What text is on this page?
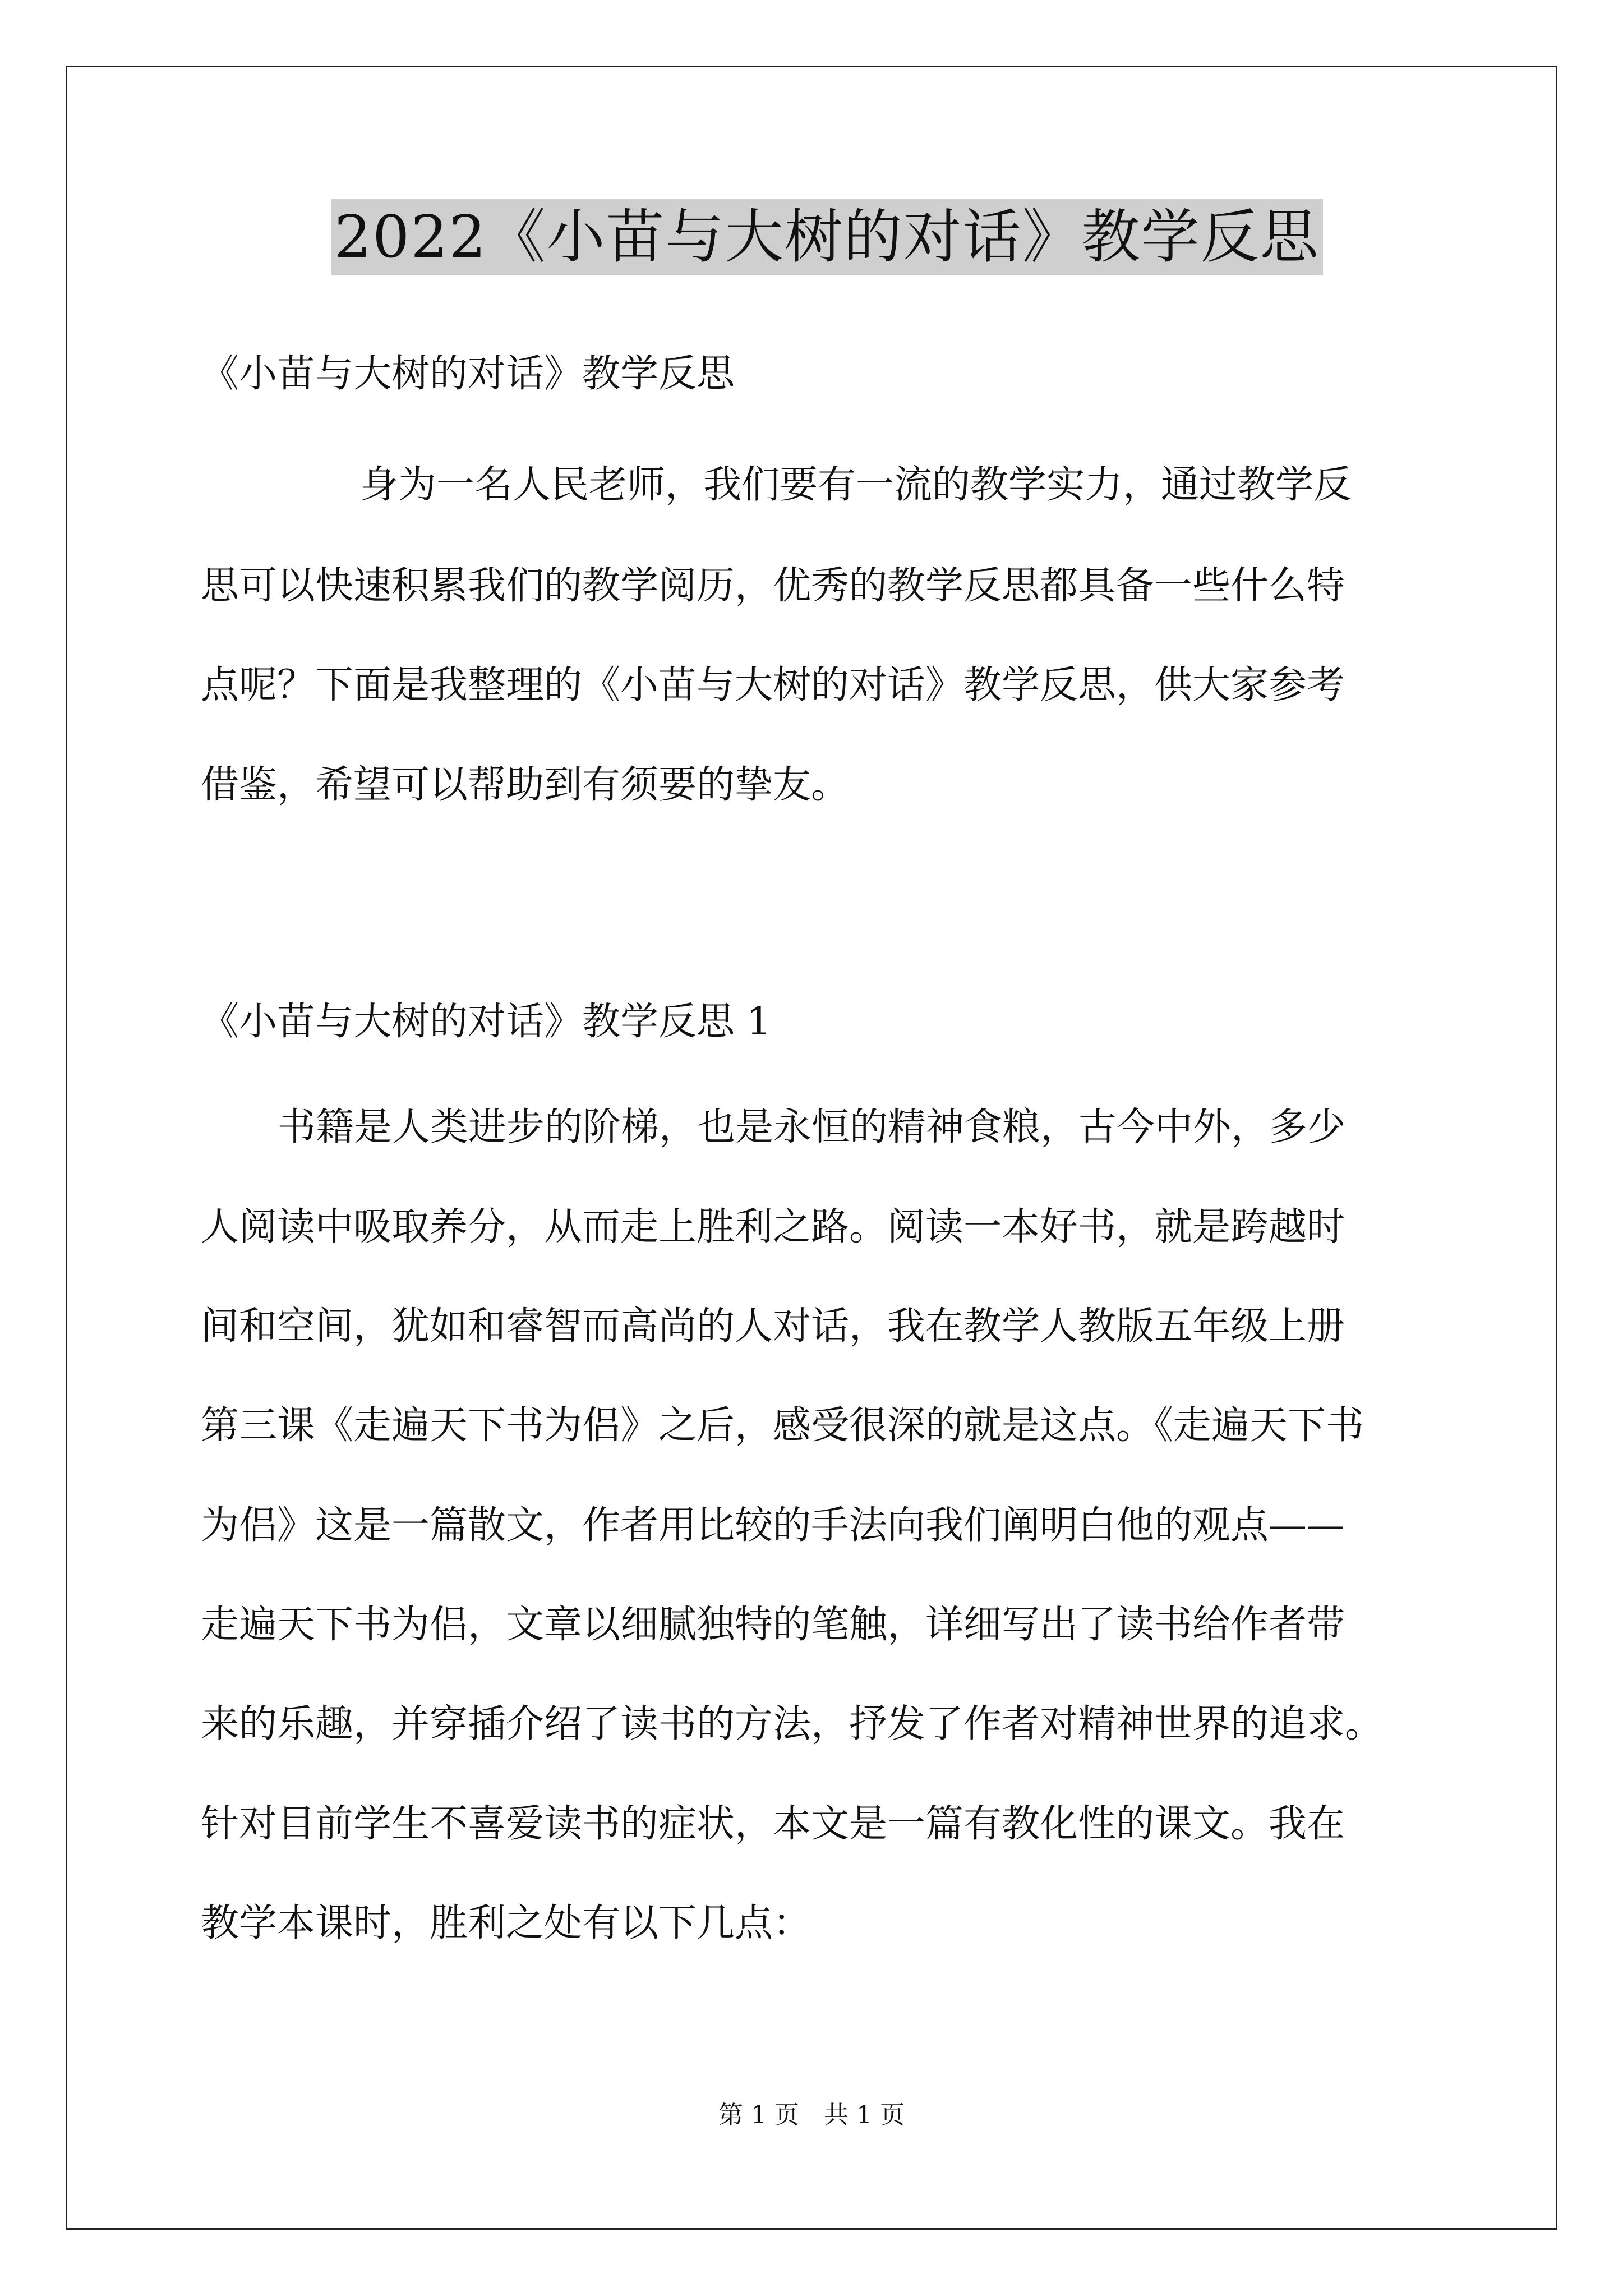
2022《小苗与大树的对话》教学反思
《小苗与大树的对话》教学反思
身为一名人民老师，我们要有一流的教学实力，通过教学反
思可以快速积累我们的教学阅历，优秀的教学反思都具备一些什么特
点呢？下面是我整理的《小苗与大树的对话》教学反思，供大家参考
借鉴，希望可以帮助到有须要的挚友。
《小苗与大树的对话》教学反思 1
书籍是人类进步的阶梯，也是永恒的精神食粮，古今中外，多少
人阅读中吸取养分，从而走上胜利之路。阅读一本好书，就是跨越时
间和空间，犹如和睿智而高尚的人对话，我在教学人教版五年级上册
第三课《走遍天下书为侣》之后，感受很深的就是这点。《走遍天下书
为侣》这是一篇散文，作者用比较的手法向我们阐明白他的观点——
走遍天下书为侣，文章以细腻独特的笔触，详细写出了读书给作者带
来的乐趣，并穿插介绍了读书的方法，抒发了作者对精神世界的追求。
针对目前学生不喜爱读书的症状，本文是一篇有教化性的课文。我在
教学本课时，胜利之处有以下几点：
第 1 页　共 1 页
